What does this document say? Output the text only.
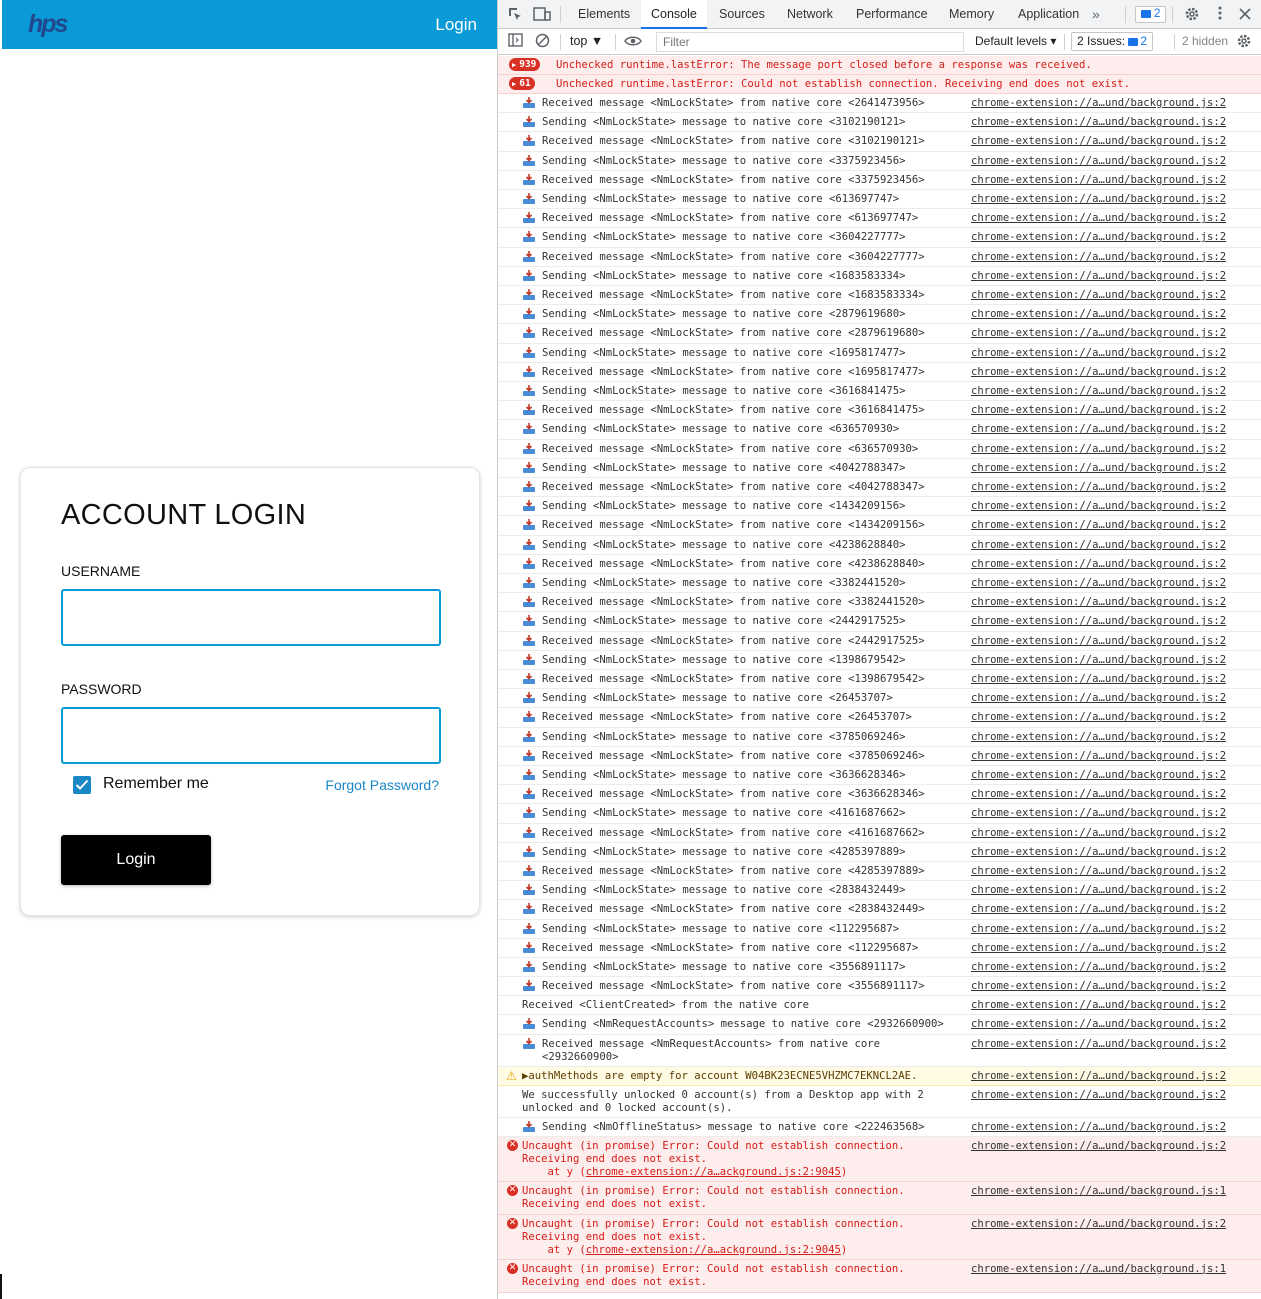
hps	Login
ACCOUNT LOGIN
USERNAME
PASSWORD
Remember me	Forgot Password?
Login
Elements	Console	Sources	Network	Performance	Memory	Application »	2
top ▼
Filter	Default levels ▾	2 Issues: 2	2 hidden
▶ 939	Unchecked runtime.lastError: The message port closed before a response was received.
▶ 61	Unchecked runtime.lastError: Could not establish connection. Receiving end does not exist.
Received message <NmLockState> from native core <2641473956>	chrome-extension://a…und/background.js:2
Sending <NmLockState> message to native core <3102190121>	chrome-extension://a…und/background.js:2
Received message <NmLockState> from native core <3102190121>	chrome-extension://a…und/background.js:2
Sending <NmLockState> message to native core <3375923456>	chrome-extension://a…und/background.js:2
Received message <NmLockState> from native core <3375923456>	chrome-extension://a…und/background.js:2
Sending <NmLockState> message to native core <613697747>	chrome-extension://a…und/background.js:2
Received message <NmLockState> from native core <613697747>	chrome-extension://a…und/background.js:2
Sending <NmLockState> message to native core <3604227777>	chrome-extension://a…und/background.js:2
Received message <NmLockState> from native core <3604227777>	chrome-extension://a…und/background.js:2
Sending <NmLockState> message to native core <1683583334>	chrome-extension://a…und/background.js:2
Received message <NmLockState> from native core <1683583334>	chrome-extension://a…und/background.js:2
Sending <NmLockState> message to native core <2879619680>	chrome-extension://a…und/background.js:2
Received message <NmLockState> from native core <2879619680>	chrome-extension://a…und/background.js:2
Sending <NmLockState> message to native core <1695817477>	chrome-extension://a…und/background.js:2
Received message <NmLockState> from native core <1695817477>	chrome-extension://a…und/background.js:2
Sending <NmLockState> message to native core <3616841475>	chrome-extension://a…und/background.js:2
Received message <NmLockState> from native core <3616841475>	chrome-extension://a…und/background.js:2
Sending <NmLockState> message to native core <636570930>	chrome-extension://a…und/background.js:2
Received message <NmLockState> from native core <636570930>	chrome-extension://a…und/background.js:2
Sending <NmLockState> message to native core <4042788347>	chrome-extension://a…und/background.js:2
Received message <NmLockState> from native core <4042788347>	chrome-extension://a…und/background.js:2
Sending <NmLockState> message to native core <1434209156>	chrome-extension://a…und/background.js:2
Received message <NmLockState> from native core <1434209156>	chrome-extension://a…und/background.js:2
Sending <NmLockState> message to native core <4238628840>	chrome-extension://a…und/background.js:2
Received message <NmLockState> from native core <4238628840>	chrome-extension://a…und/background.js:2
Sending <NmLockState> message to native core <3382441520>	chrome-extension://a…und/background.js:2
Received message <NmLockState> from native core <3382441520>	chrome-extension://a…und/background.js:2
Sending <NmLockState> message to native core <2442917525>	chrome-extension://a…und/background.js:2
Received message <NmLockState> from native core <2442917525>	chrome-extension://a…und/background.js:2
Sending <NmLockState> message to native core <1398679542>	chrome-extension://a…und/background.js:2
Received message <NmLockState> from native core <1398679542>	chrome-extension://a…und/background.js:2
Sending <NmLockState> message to native core <26453707>	chrome-extension://a…und/background.js:2
Received message <NmLockState> from native core <26453707>	chrome-extension://a…und/background.js:2
Sending <NmLockState> message to native core <3785069246>	chrome-extension://a…und/background.js:2
Received message <NmLockState> from native core <3785069246>	chrome-extension://a…und/background.js:2
Sending <NmLockState> message to native core <3636628346>	chrome-extension://a…und/background.js:2
Received message <NmLockState> from native core <3636628346>	chrome-extension://a…und/background.js:2
Sending <NmLockState> message to native core <4161687662>	chrome-extension://a…und/background.js:2
Received message <NmLockState> from native core <4161687662>	chrome-extension://a…und/background.js:2
Sending <NmLockState> message to native core <4285397889>	chrome-extension://a…und/background.js:2
Received message <NmLockState> from native core <4285397889>	chrome-extension://a…und/background.js:2
Sending <NmLockState> message to native core <2838432449>	chrome-extension://a…und/background.js:2
Received message <NmLockState> from native core <2838432449>	chrome-extension://a…und/background.js:2
Sending <NmLockState> message to native core <112295687>	chrome-extension://a…und/background.js:2
Received message <NmLockState> from native core <112295687>	chrome-extension://a…und/background.js:2
Sending <NmLockState> message to native core <3556891117>	chrome-extension://a…und/background.js:2
Received message <NmLockState> from native core <3556891117>	chrome-extension://a…und/background.js:2
Received <ClientCreated> from the native core	chrome-extension://a…und/background.js:2
Sending <NmRequestAccounts> message to native core <2932660900>	chrome-extension://a…und/background.js:2
Received message <NmRequestAccounts> from native core
<2932660900>
chrome-extension://a…und/background.js:2
⚠ ▶authMethods are empty for account W04BK23ECNE5VHZMC7EKNCL2AE.	chrome-extension://a…und/background.js:2
We successfully unlocked 0 account(s) from a Desktop app with 2
unlocked and 0 locked account(s).
chrome-extension://a…und/background.js:2
Sending <NmOfflineStatus> message to native core <222463568>	chrome-extension://a…und/background.js:2
✕ Uncaught (in promise) Error: Could not establish connection.
Receiving end does not exist.
at y (chrome-extension://a…ackground.js:2:9045)
chrome-extension://a…und/background.js:2
✕ Uncaught (in promise) Error: Could not establish connection.
Receiving end does not exist.
chrome-extension://a…und/background.js:1
✕ Uncaught (in promise) Error: Could not establish connection.
Receiving end does not exist.
at y (chrome-extension://a…ackground.js:2:9045)
chrome-extension://a…und/background.js:2
✕ Uncaught (in promise) Error: Could not establish connection.
Receiving end does not exist.
chrome-extension://a…und/background.js:1
